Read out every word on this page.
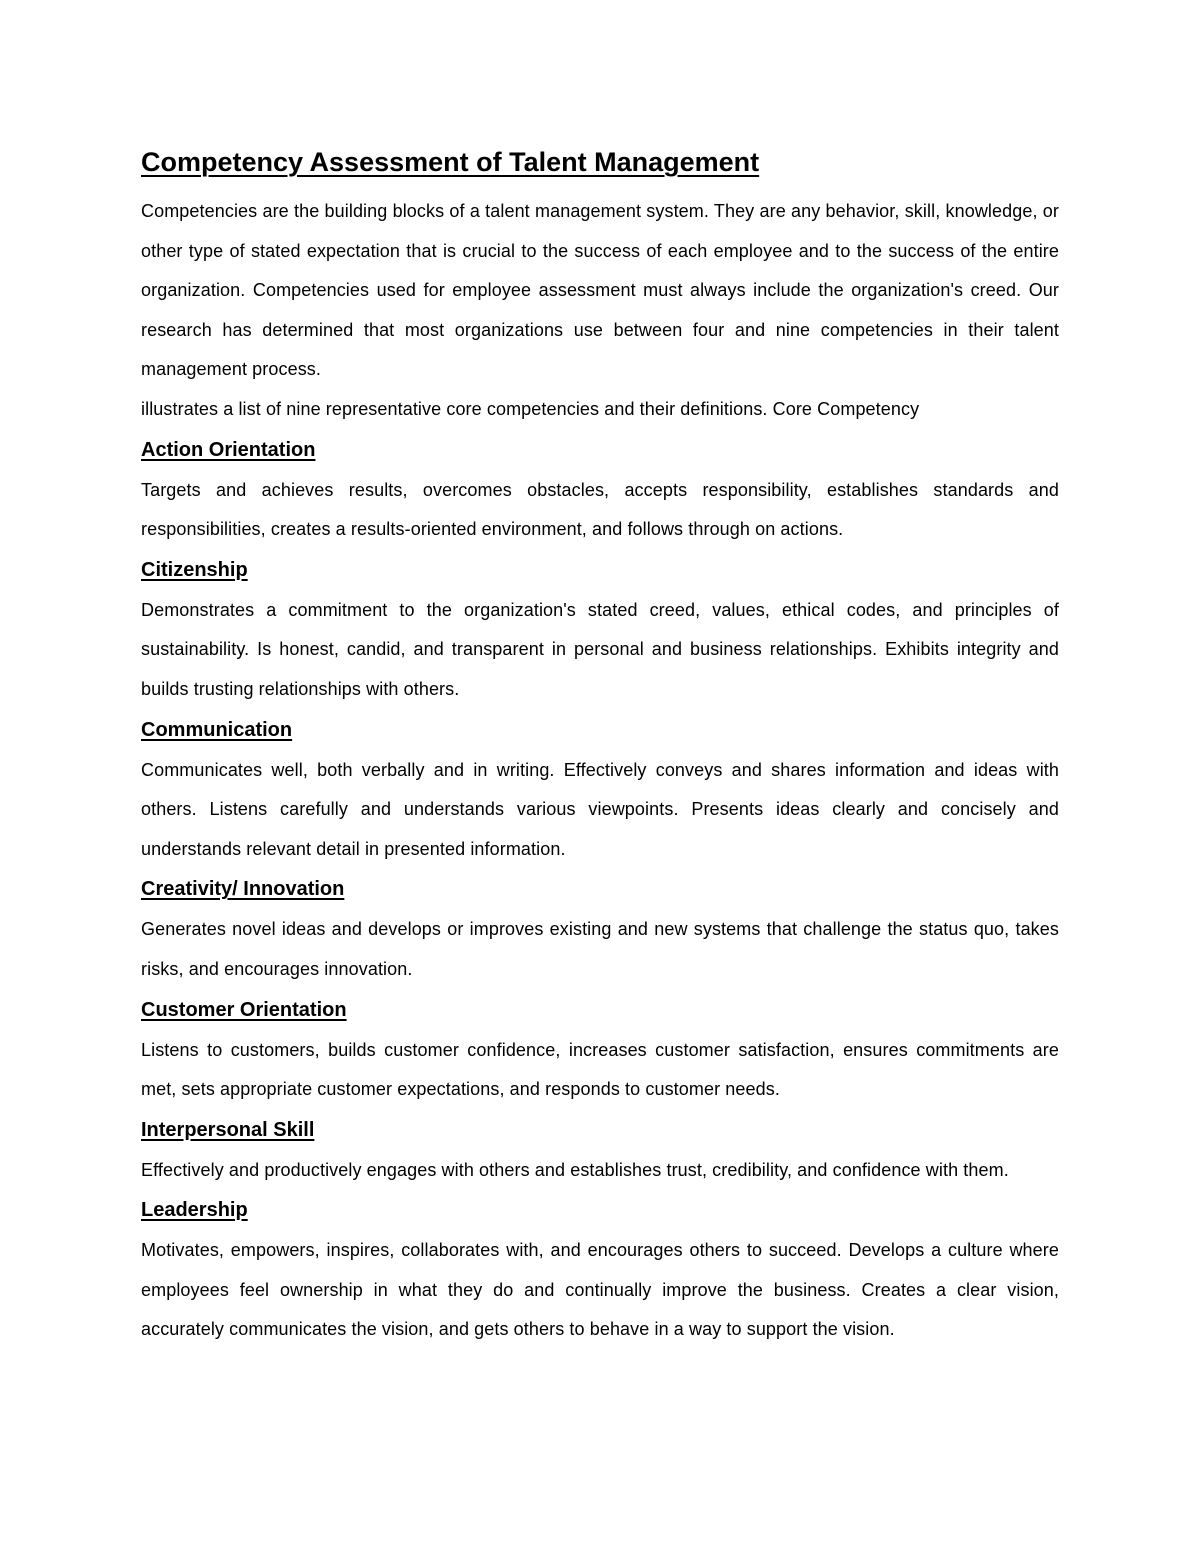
Competency Assessment of Talent Management

Competencies are the building blocks of a talent management system. They are any behavior, skill, knowledge, or other type of stated expectation that is crucial to the success of each employee and to the success of the entire organization. Competencies used for employee assessment must always include the organization's creed. Our research has determined that most organizations use between four and nine competencies in their talent management process.

illustrates a list of nine representative core competencies and their definitions. Core Competency

Action Orientation

Targets and achieves results, overcomes obstacles, accepts responsibility, establishes standards and responsibilities, creates a results-oriented environment, and follows through on actions.

Citizenship

Demonstrates a commitment to the organization's stated creed, values, ethical codes, and principles of sustainability. Is honest, candid, and transparent in personal and business relationships. Exhibits integrity and builds trusting relationships with others.

Communication

Communicates well, both verbally and in writing. Effectively conveys and shares information and ideas with others. Listens carefully and understands various viewpoints. Presents ideas clearly and concisely and understands relevant detail in presented information.

Creativity/ Innovation

Generates novel ideas and develops or improves existing and new systems that challenge the status quo, takes risks, and encourages innovation.

Customer Orientation

Listens to customers, builds customer confidence, increases customer satisfaction, ensures commitments are met, sets appropriate customer expectations, and responds to customer needs.

Interpersonal Skill

Effectively and productively engages with others and establishes trust, credibility, and confidence with them.

Leadership

Motivates, empowers, inspires, collaborates with, and encourages others to succeed. Develops a culture where employees feel ownership in what they do and continually improve the business. Creates a clear vision, accurately communicates the vision, and gets others to behave in a way to support the vision.
